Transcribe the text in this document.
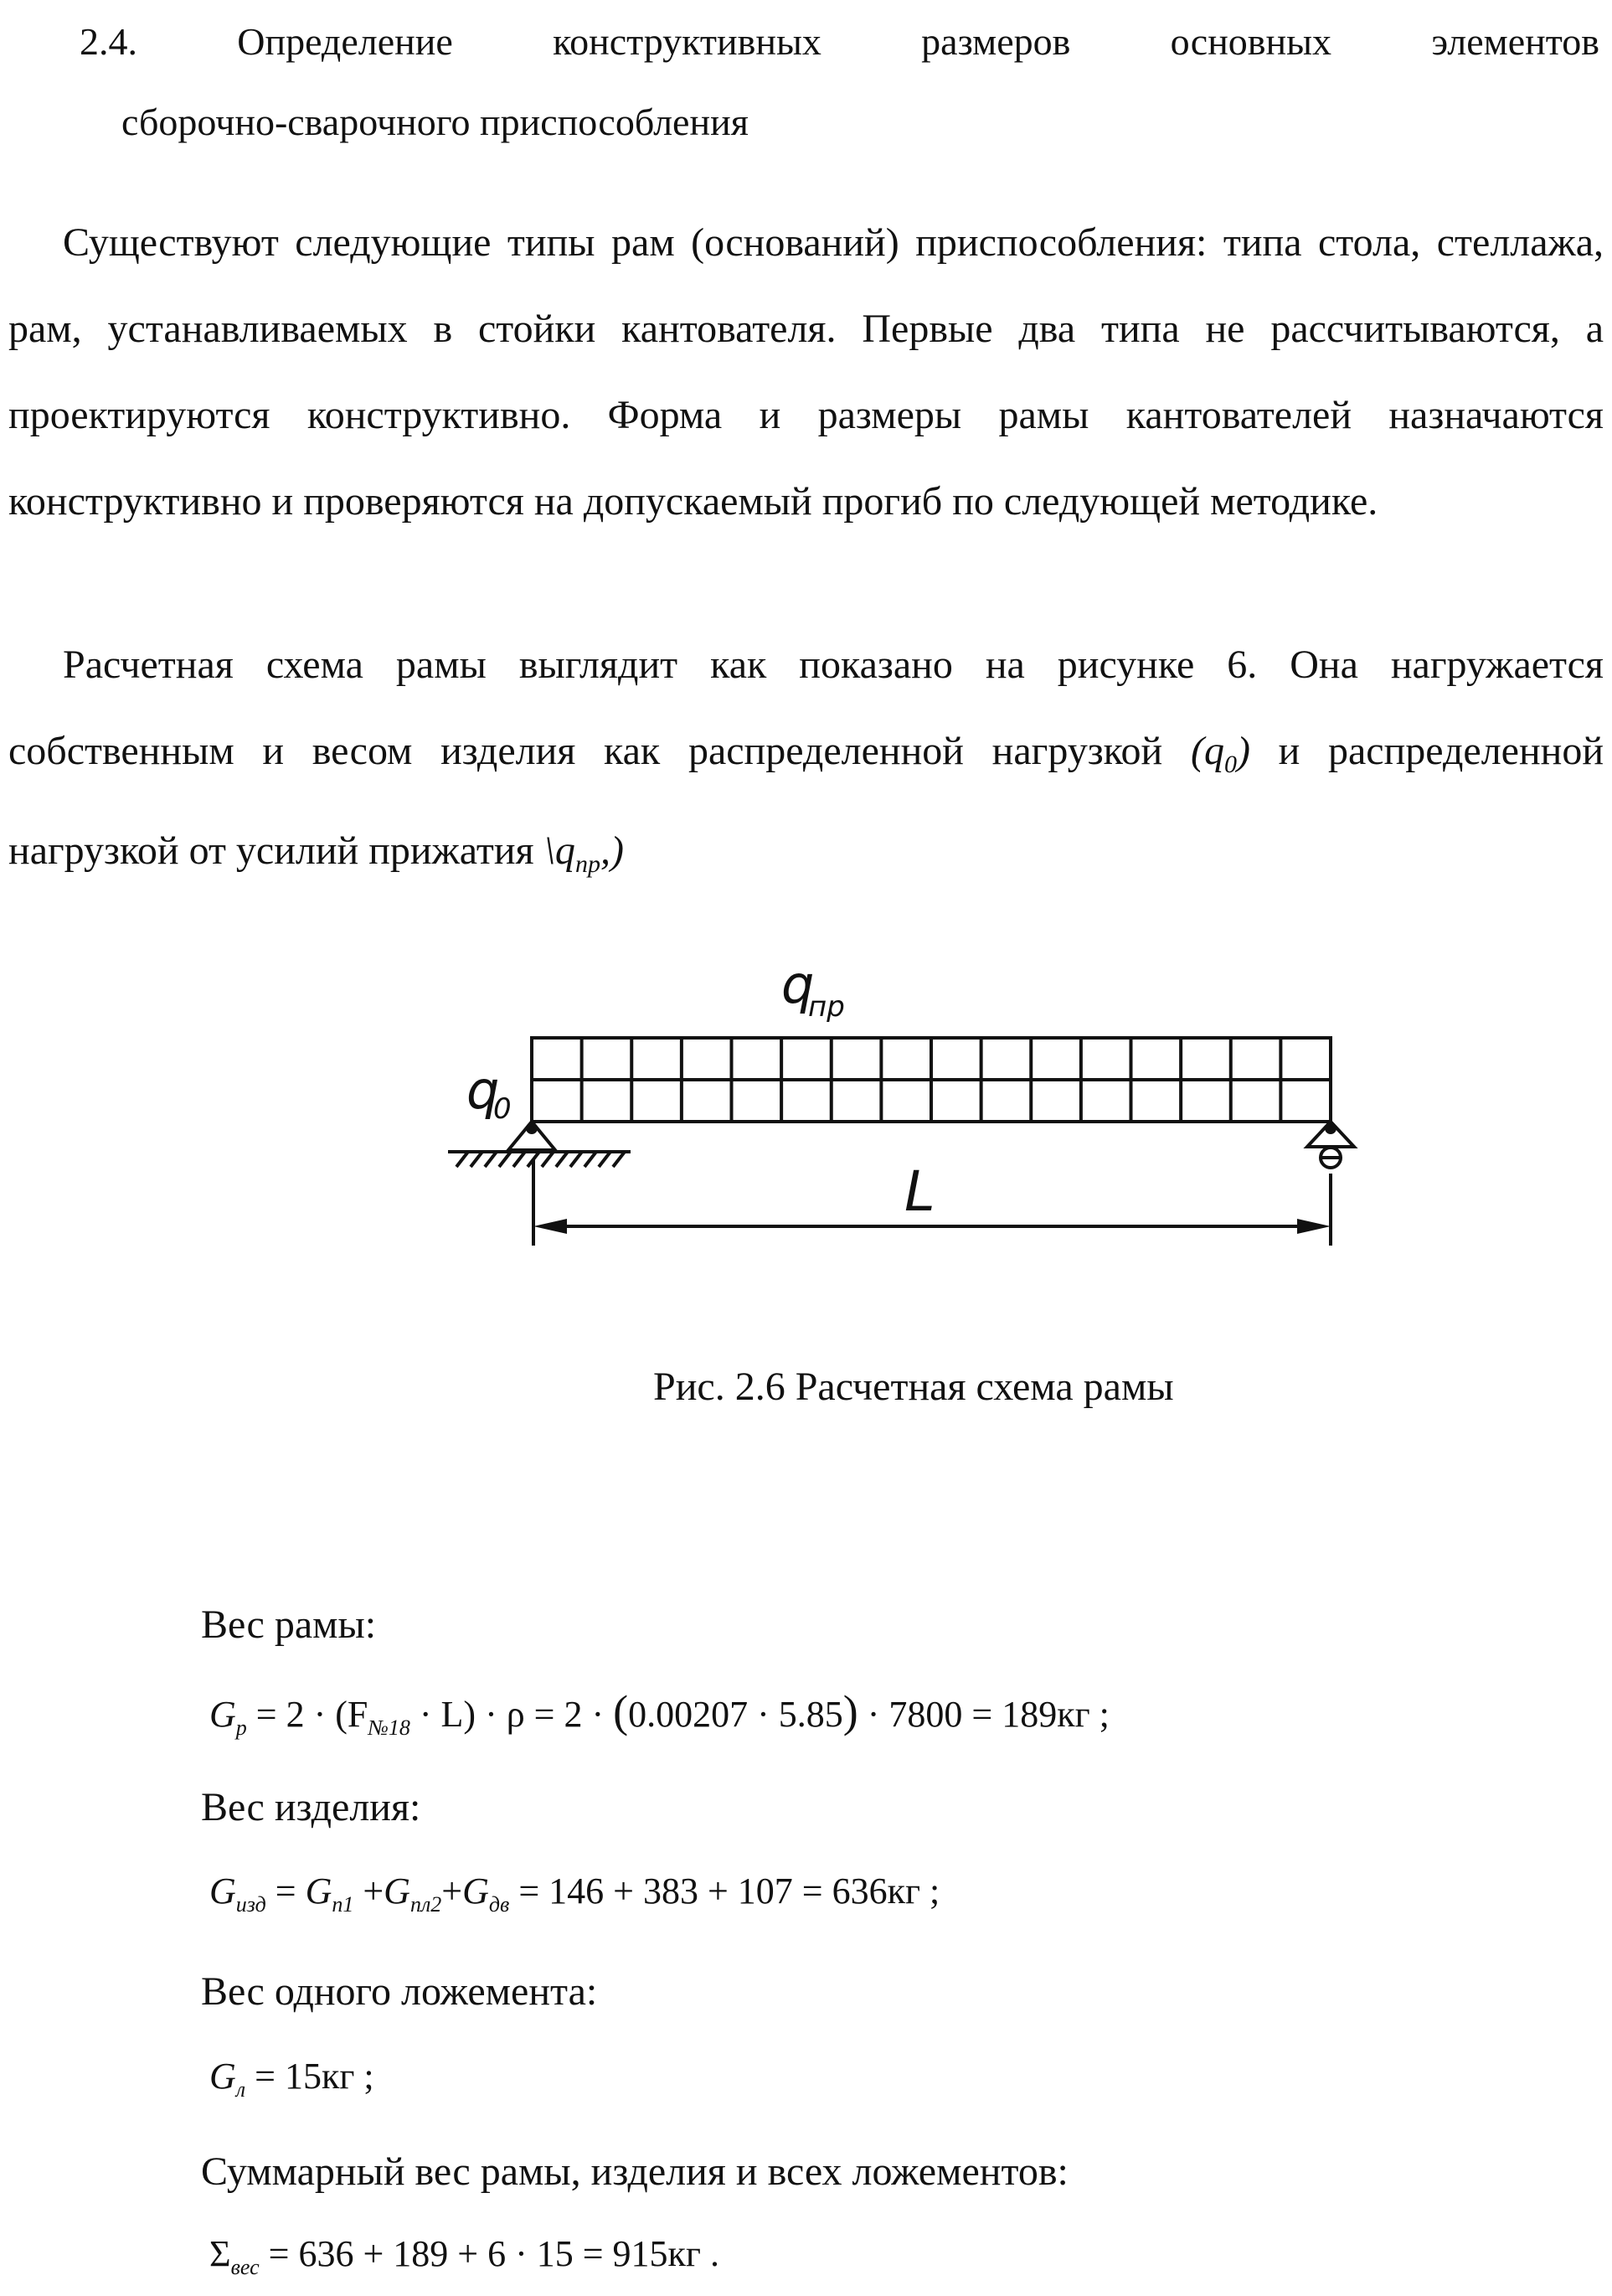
2.4.	Определение	конструктивных	размеров	основных	элементов
сборочно-сварочного приспособления
Существуют следующие типы рам (оснований) приспособления: типа стола, стеллажа, рам, устанавливаемых в стойки кантователя. Первые два типа не рассчитываются, а проектируются конструктивно. Форма и размеры рамы кантователей назначаются конструктивно и проверяются на допускаемый прогиб по следующей методике.
Расчетная схема рамы выглядит как показано на рисунке 6. Она нагружается собственным и весом изделия как распределенной нагрузкой $(q_0)$ и распределенной нагрузкой от усилий прижатия $\backslash q_{пр}$,)
q
пр
q
0
L
Рис. 2.6 Расчетная схема рамы
Вес рамы:
$G_р = 2 \cdot (F_{№18} \cdot L) \cdot \rho = 2 \cdot (0.00207 \cdot 5.85) \cdot 7800 = 189кг$ ;
Вес изделия:
$G_{изд} = G_{п1} +G_{пл2}+G_{дв} = 146 + 383 + 107 = 636кг$ ;
Вес одного ложемента:
$G_л = 15кг$ ;
Суммарный вес рамы, изделия и всех ложементов:
$\Sigma_{вес} = 636 + 189 + 6 \cdot 15 = 915кг$ .
